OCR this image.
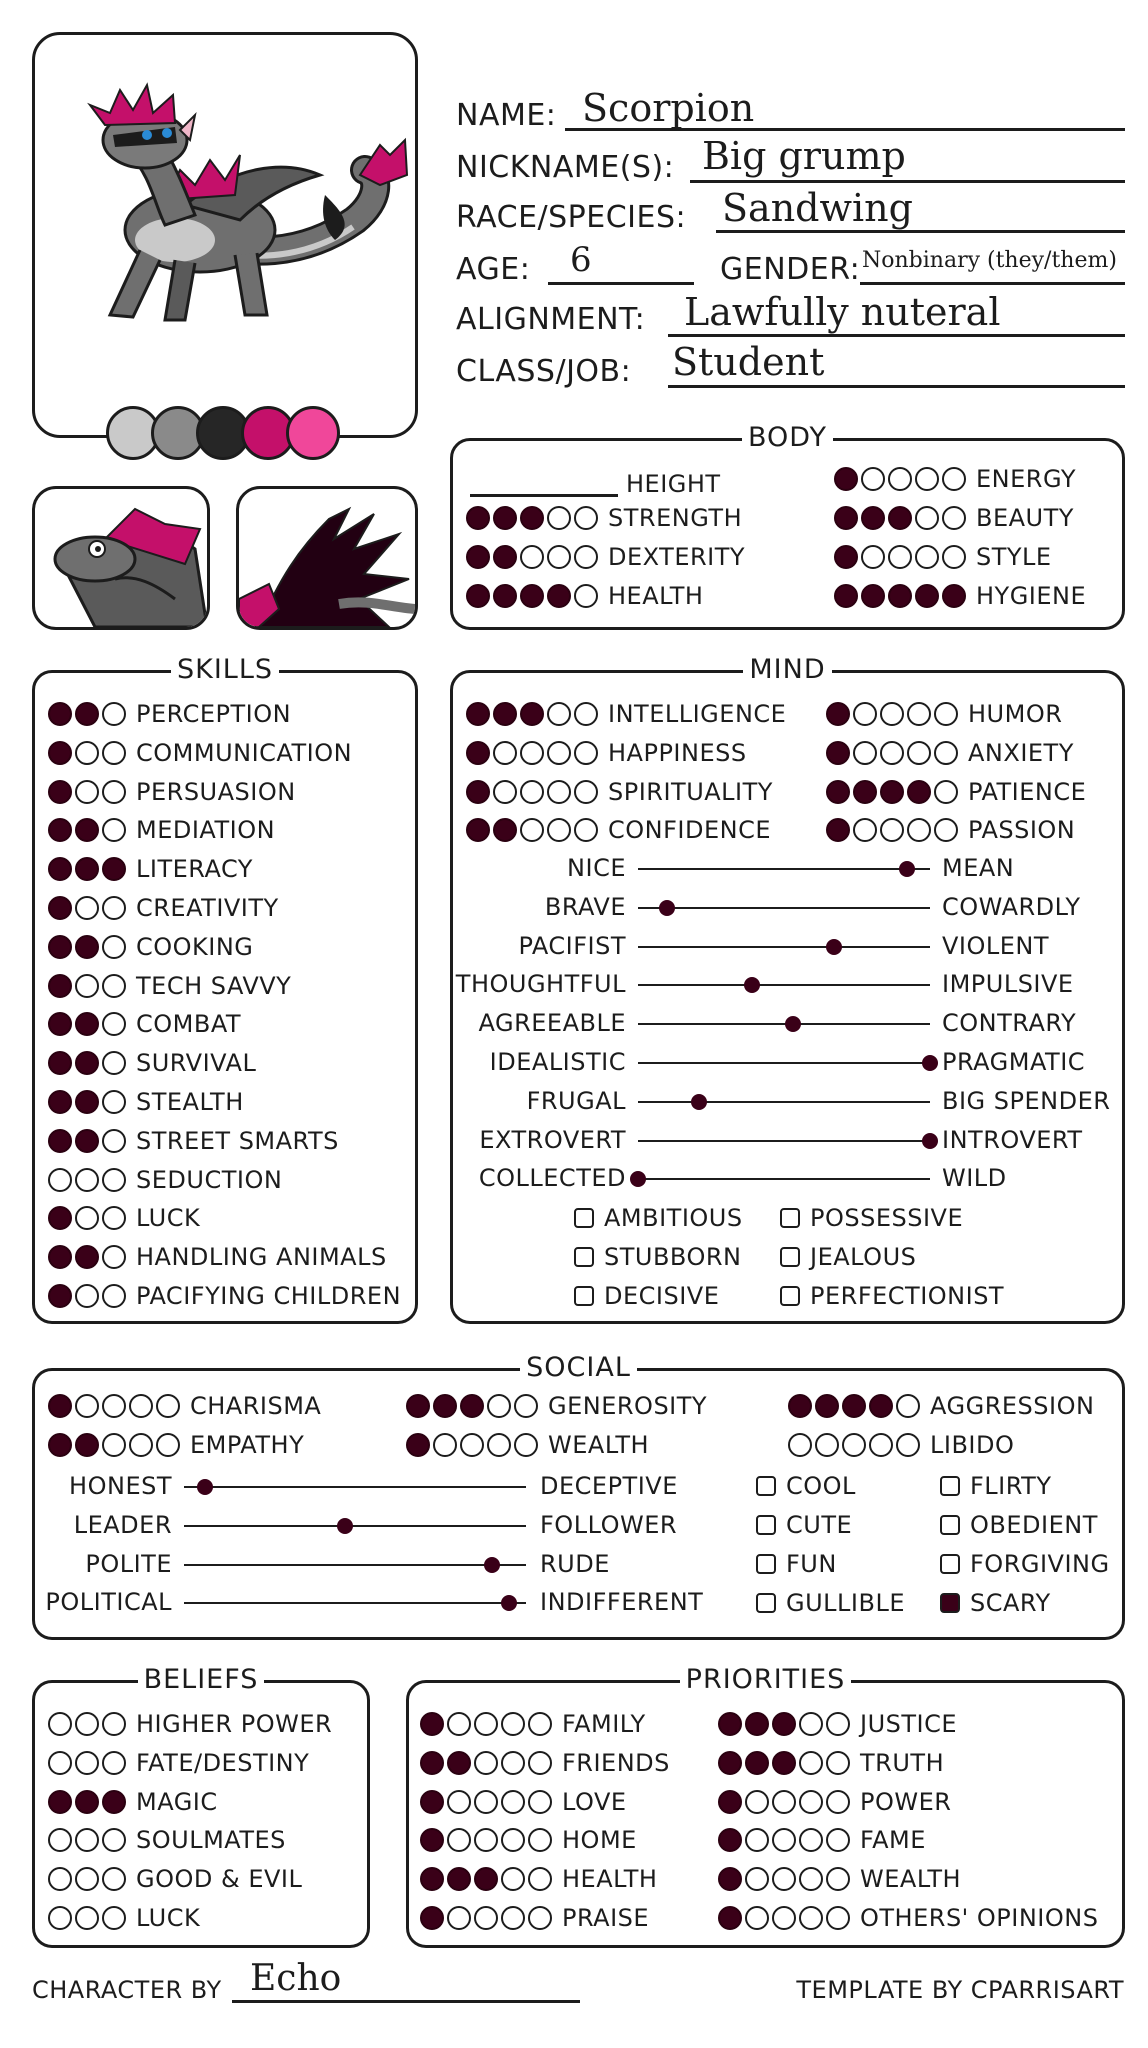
NAME: Scorpion
NICKNAME(S): Big grump
RACE/SPECIES: Sandwing
AGE: 6	GENDER: Nonbinary (they/them)
ALIGNMENT: Lawfully nuteral
CLASS/JOB: Student
BODY
HEIGHT
STRENGTH
DEXTERITY
HEALTH
ENERGY
BEAUTY
STYLE
HYGIENE
SKILLS
PERCEPTION
COMMUNICATION
PERSUASION
MEDIATION
LITERACY
CREATIVITY
COOKING
TECH SAVVY
COMBAT
SURVIVAL
STEALTH
STREET SMARTS
SEDUCTION
LUCK
HANDLING ANIMALS
PACIFYING CHILDREN
MIND
INTELLIGENCE
HAPPINESS
SPIRITUALITY
CONFIDENCE
HUMOR
ANXIETY
PATIENCE
PASSION
NICE	MEAN
BRAVE	COWARDLY
PACIFIST	VIOLENT
THOUGHTFUL	IMPULSIVE
AGREEABLE	CONTRARY
IDEALISTIC	PRAGMATIC
FRUGAL	BIG SPENDER
EXTROVERT	INTROVERT
COLLECTED	WILD
AMBITIOUS	POSSESSIVE
STUBBORN	JEALOUS
DECISIVE	PERFECTIONIST
SOCIAL
CHARISMA
EMPATHY
GENEROSITY
WEALTH
AGGRESSION
LIBIDO
HONEST	DECEPTIVE
LEADER	FOLLOWER
POLITE	RUDE
POLITICAL	INDIFFERENT
COOL	FLIRTY
CUTE	OBEDIENT
FUN	FORGIVING
GULLIBLE	SCARY
BELIEFS
HIGHER POWER
FATE/DESTINY
MAGIC
SOULMATES
GOOD & EVIL
LUCK
PRIORITIES
FAMILY
FRIENDS
LOVE
HOME
HEALTH
PRAISE
JUSTICE
TRUTH
POWER
FAME
WEALTH
OTHERS' OPINIONS
CHARACTER BY Echo	TEMPLATE BY CPARRISART
